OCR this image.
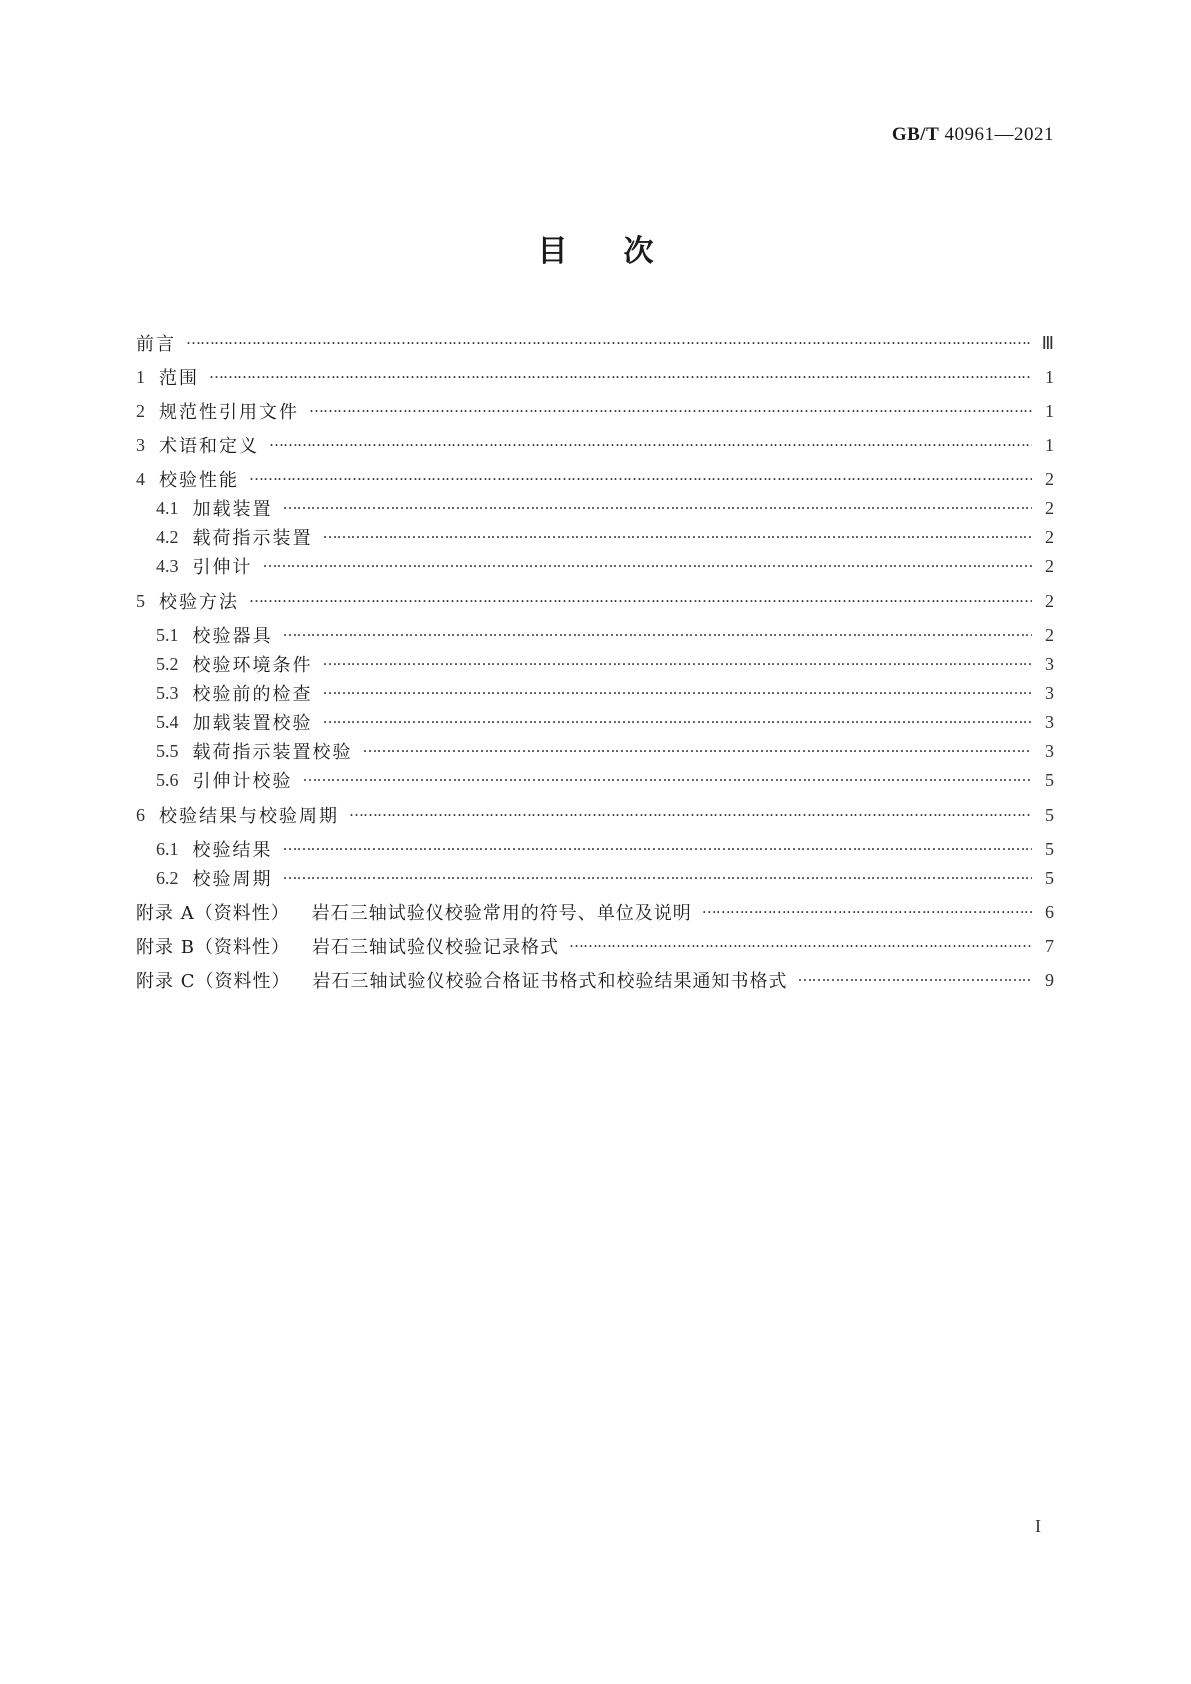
GB/T 40961—2021
目 次
前言 ……………………………………………………………………………………………………………………………………………………………………………………………………………	Ⅲ
1 范围 ……………………………………………………………………………………………………………………………………………………………………………………………………………	1
2 规范性引用文件 ……………………………………………………………………………………………………………………………………………………………………………………………………………	1
3 术语和定义 ……………………………………………………………………………………………………………………………………………………………………………………………………………	1
4 校验性能 ……………………………………………………………………………………………………………………………………………………………………………………………………………	2
4.1 加载装置 ……………………………………………………………………………………………………………………………………………………………………………………………………………	2
4.2 载荷指示装置 ……………………………………………………………………………………………………………………………………………………………………………………………………………	2
4.3 引伸计 ……………………………………………………………………………………………………………………………………………………………………………………………………………	2
5 校验方法 ……………………………………………………………………………………………………………………………………………………………………………………………………………	2
5.1 校验器具 ……………………………………………………………………………………………………………………………………………………………………………………………………………	2
5.2 校验环境条件 ……………………………………………………………………………………………………………………………………………………………………………………………………………	3
5.3 校验前的检查 ……………………………………………………………………………………………………………………………………………………………………………………………………………	3
5.4 加载装置校验 ……………………………………………………………………………………………………………………………………………………………………………………………………………	3
5.5 载荷指示装置校验 ……………………………………………………………………………………………………………………………………………………………………………………………………………	3
5.6 引伸计校验 ……………………………………………………………………………………………………………………………………………………………………………………………………………	5
6 校验结果与校验周期 ……………………………………………………………………………………………………………………………………………………………………………………………………………	5
6.1 校验结果 ……………………………………………………………………………………………………………………………………………………………………………………………………………	5
6.2 校验周期 ……………………………………………………………………………………………………………………………………………………………………………………………………………	5
附录 A（资料性） 岩石三轴试验仪校验常用的符号、单位及说明 ……………………………………………………………………………………………………………………………………………………………………………………………………………	6
附录 B（资料性） 岩石三轴试验仪校验记录格式 ……………………………………………………………………………………………………………………………………………………………………………………………………………	7
附录 C（资料性） 岩石三轴试验仪校验合格证书格式和校验结果通知书格式 ……………………………………………………………………………………………………………………………………………………………………………………………………………	9
I
